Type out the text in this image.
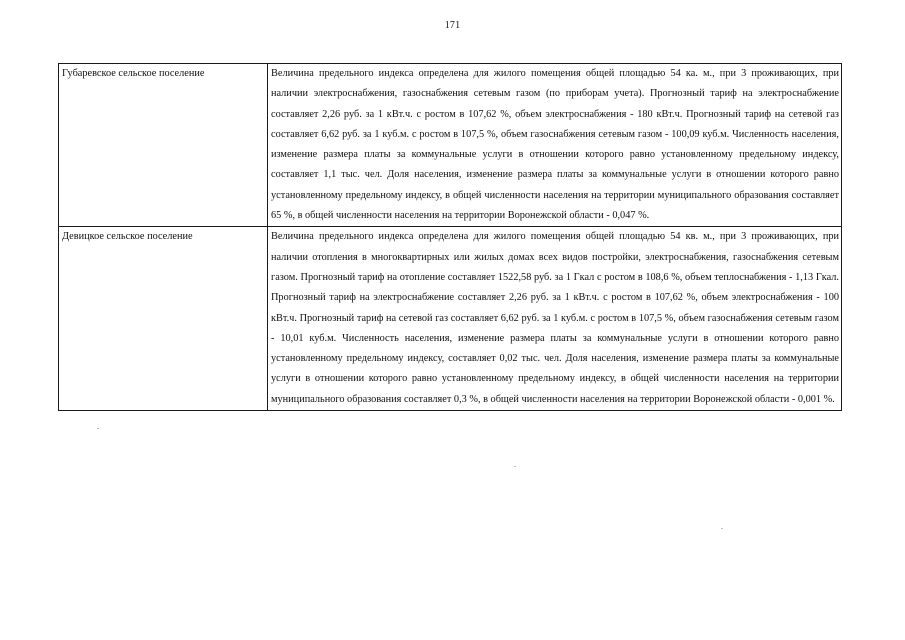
171
Губаревское сельское поселение	Величина предельного индекса определена для жилого помещения общей площадью 54 ка. м., при 3 проживающих, при наличии электроснабжения, газоснабжения сетевым газом (по приборам учета). Прогнозный тариф на электроснабжение составляет 2,26 руб. за 1 кВт.ч. с ростом в 107,62 %, объем электроснабжения - 180 кВт.ч. Прогнозный тариф на сетевой газ составляет 6,62 руб. за 1 куб.м. с ростом в 107,5 %, объем газоснабжения сетевым газом - 100,09 куб.м. Численность населения, изменение размера платы за коммунальные услуги в отношении которого равно установленному предельному индексу, составляет 1,1 тыс. чел. Доля населения, изменение размера платы за коммунальные услуги в отношении которого равно установленному предельному индексу, в общей численности населения на территории муниципального образования составляет 65 %, в общей численности населения на территории Воронежской области - 0,047 %.
Девицкое сельское поселение	Величина предельного индекса определена для жилого помещения общей площадью 54 кв. м., при 3 проживающих, при наличии отопления в многоквартирных или жилых домах всех видов постройки, электроснабжения, газоснабжения сетевым газом. Прогнозный тариф на отопление составляет 1522,58 руб. за 1 Гкал с ростом в 108,6 %, объем теплоснабжения - 1,13 Гкал. Прогнозный тариф на электроснабжение составляет 2,26 руб. за 1 кВт.ч. с ростом в 107,62 %, объем электроснабжения - 100 кВт.ч. Прогнозный тариф на сетевой газ составляет 6,62 руб. за 1 куб.м. с ростом в 107,5 %, объем газоснабжения сетевым газом - 10,01 куб.м. Численность населения, изменение размера платы за коммунальные услуги в отношении которого равно установленному предельному индексу, составляет 0,02 тыс. чел. Доля населения, изменение размера платы за коммунальные услуги в отношении которого равно установленному предельному индексу, в общей численности населения на территории муниципального образования составляет 0,3 %, в общей численности населения на территории Воронежской области - 0,001 %.
